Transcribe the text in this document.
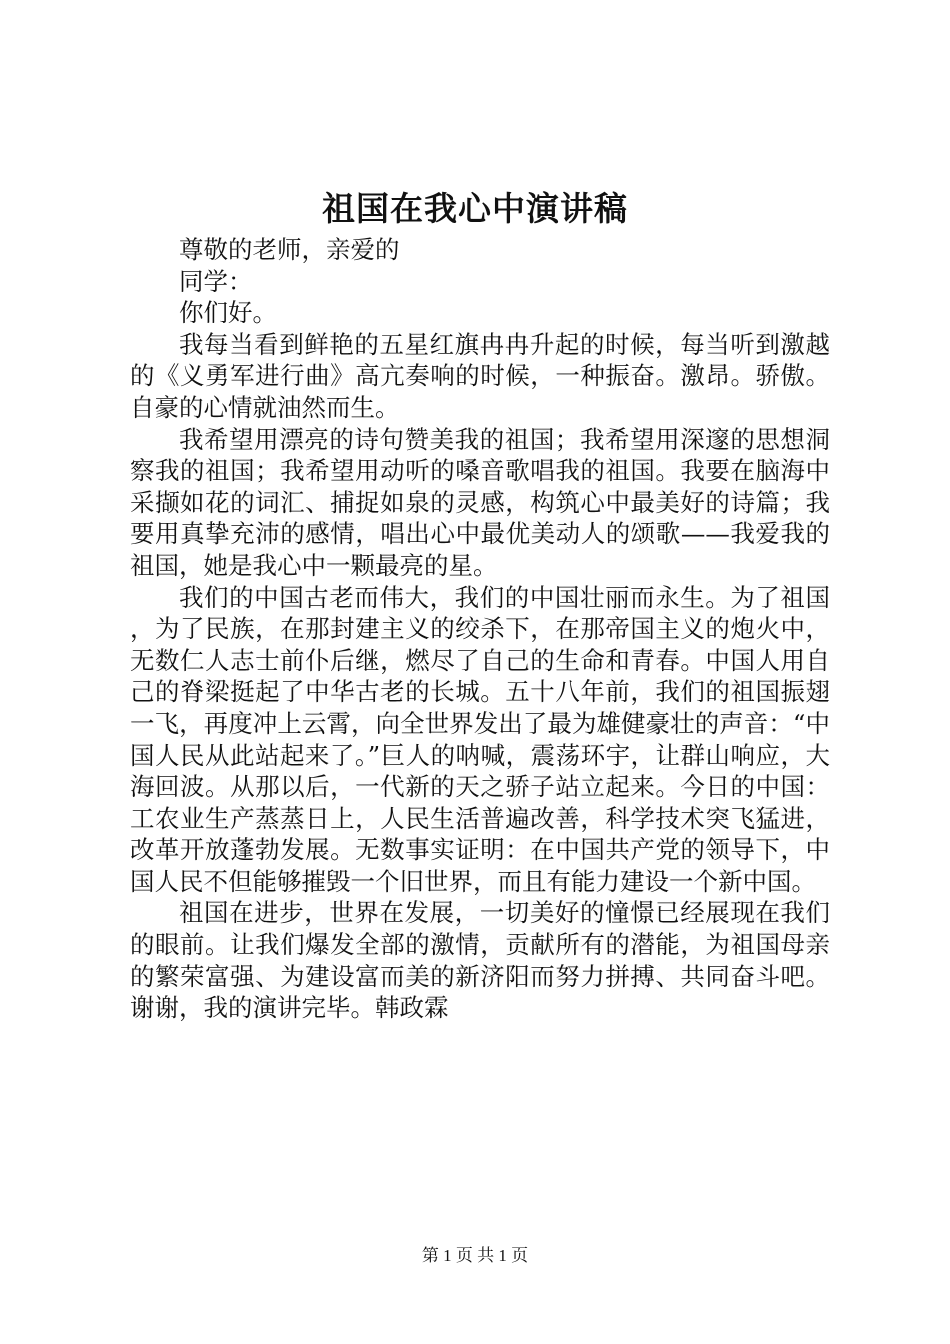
祖国在我心中演讲稿

尊敬的老师，亲爱的

同学：

你们好。

我每当看到鲜艳的五星红旗冉冉升起的时候，每当听到激越的《义勇军进行曲》高亢奏响的时候，一种振奋。激昂。骄傲。自豪的心情就油然而生。

我希望用漂亮的诗句赞美我的祖国；我希望用深邃的思想洞察我的祖国；我希望用动听的嗓音歌唱我的祖国。我要在脑海中采撷如花的词汇、捕捉如泉的灵感，构筑心中最美好的诗篇；我要用真挚充沛的感情，唱出心中最优美动人的颂歌——我爱我的祖国，她是我心中一颗最亮的星。

我们的中国古老而伟大，我们的中国壮丽而永生。为了祖国，为了民族，在那封建主义的绞杀下，在那帝国主义的炮火中，无数仁人志士前仆后继，燃尽了自己的生命和青春。中国人用自己的脊梁挺起了中华古老的长城。五十八年前，我们的祖国振翅一飞，再度冲上云霄，向全世界发出了最为雄健豪壮的声音：“中国人民从此站起来了。”巨人的呐喊，震荡环宇，让群山响应，大海回波。从那以后，一代新的天之骄子站立起来。今日的中国：工农业生产蒸蒸日上，人民生活普遍改善，科学技术突飞猛进，改革开放蓬勃发展。无数事实证明：在中国共产党的领导下，中国人民不但能够摧毁一个旧世界，而且有能力建设一个新中国。

祖国在进步，世界在发展，一切美好的憧憬已经展现在我们的眼前。让我们爆发全部的激情，贡献所有的潜能，为祖国母亲的繁荣富强、为建设富而美的新济阳而努力拼搏、共同奋斗吧。谢谢，我的演讲完毕。韩政霖

第 1 页 共 1 页
